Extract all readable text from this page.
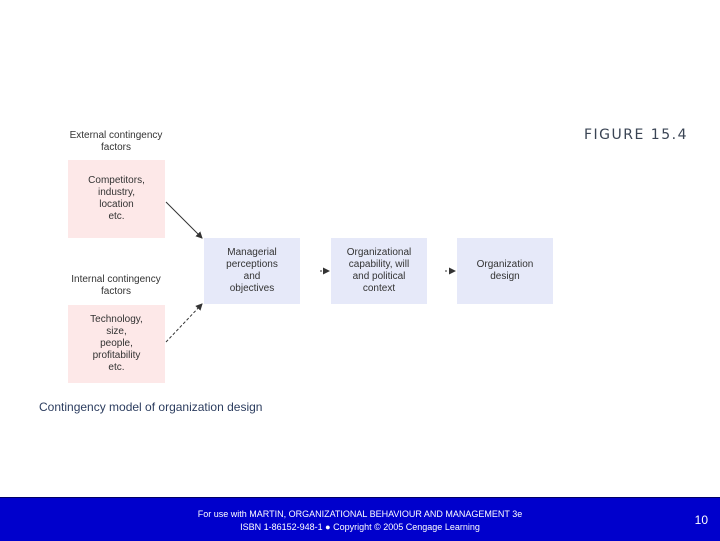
FIGURE 15.4
External contingency
factors
Competitors,
industry,
location
etc.
Internal contingency
factors
Technology,
size,
people,
profitability
etc.
Managerial
perceptions
and
objectives
Organizational
capability, will
and political
context
Organization
design
Contingency model of organization design
For use with MARTIN, ORGANIZATIONAL BEHAVIOUR AND MANAGEMENT 3e
ISBN 1-86152-948-1 ● Copyright © 2005 Cengage Learning	10
